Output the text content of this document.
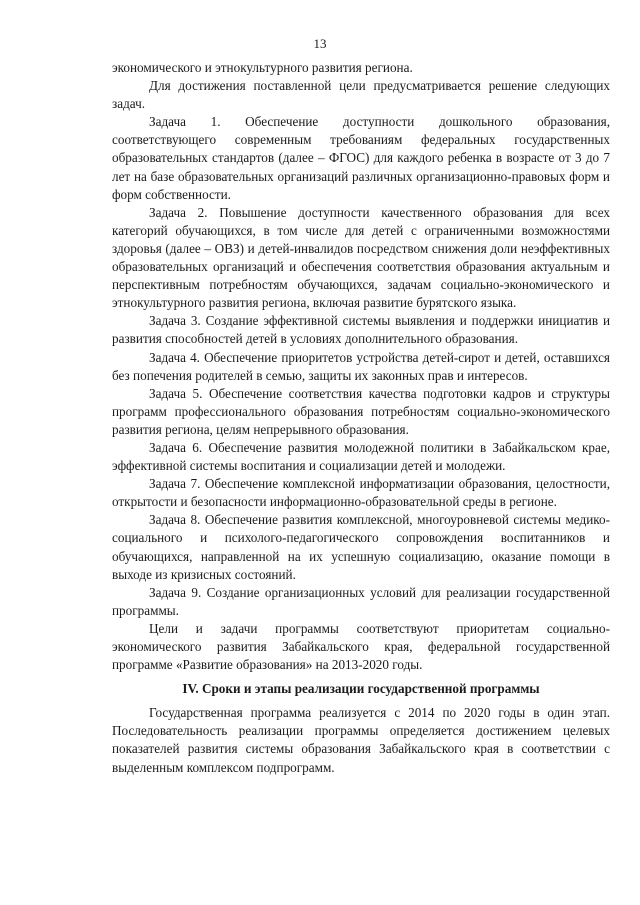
13

экономического и этнокультурного развития региона.

Для достижения поставленной цели предусматривается решение следующих задач.

Задача 1. Обеспечение доступности дошкольного образования, соответствующего современным требованиям федеральных государственных образовательных стандартов (далее – ФГОС) для каждого ребенка в возрасте от 3 до 7 лет на базе образовательных организаций различных организационно-правовых форм и форм собственности.

Задача 2. Повышение доступности качественного образования для всех категорий обучающихся, в том числе для детей с ограниченными возможностями здоровья (далее – ОВЗ) и детей-инвалидов посредством снижения доли неэффективных образовательных организаций и обеспечения соответствия образования актуальным и перспективным потребностям обучающихся, задачам социально-экономического и этнокультурного развития региона, включая развитие бурятского языка.

Задача 3. Создание эффективной системы выявления и поддержки инициатив и развития способностей детей в условиях дополнительного образования.

Задача 4. Обеспечение приоритетов устройства детей-сирот и детей, оставшихся без попечения родителей в семью, защиты их законных прав и интересов.

Задача 5. Обеспечение соответствия качества подготовки кадров и структуры программ профессионального образования потребностям социально-экономического развития региона, целям непрерывного образования.

Задача 6. Обеспечение развития молодежной политики в Забайкальском крае, эффективной системы воспитания и социализации детей и молодежи.

Задача 7. Обеспечение комплексной информатизации образования, целостности, открытости и безопасности информационно-образовательной среды в регионе.

Задача 8. Обеспечение развития комплексной, многоуровневой системы медико-социального и психолого-педагогического сопровождения воспитанников и обучающихся, направленной на их успешную социализацию, оказание помощи в выходе из кризисных состояний.

Задача 9. Создание организационных условий для реализации государственной программы.

Цели и задачи программы соответствуют приоритетам социально-экономического развития Забайкальского края, федеральной государственной программе «Развитие образования» на 2013-2020 годы.

IV. Сроки и этапы реализации государственной программы

Государственная программа реализуется с 2014 по 2020 годы в один этап. Последовательность реализации программы определяется достижением целевых показателей развития системы образования Забайкальского края в соответствии с выделенным комплексом подпрограмм.
